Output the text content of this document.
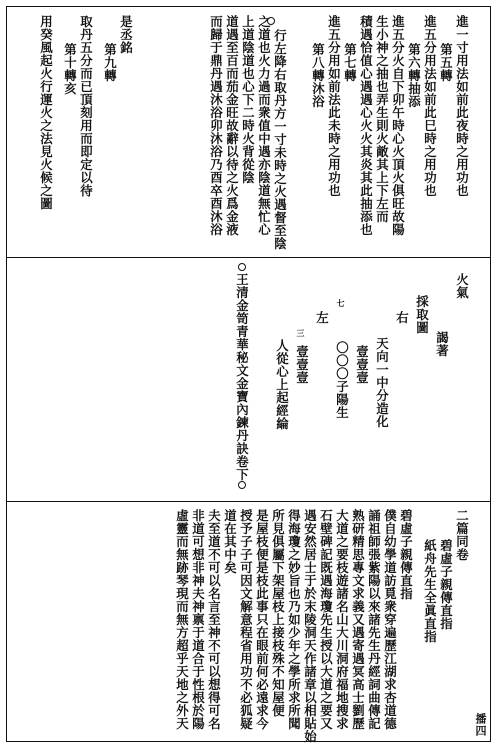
進一寸用法如前此夜時之用功也
第五轉
進五分用法如前此巳時之用功也
第六轉抽添
進五分火自下卯午時心火頂火俱旺故陽
生小神之抽也弄生則火敵其上下左而
積遇恰值心遇遇心火火其炎其此抽添也
第七轉
進五分用如前法此未時之用功也
第八轉沐浴
行左降右取丹方一寸未時之火遇督至陰
之道也火力過而衆值中遇亦陰道無忙心
上道陰道也心下二時火背從陰
道遇至百而茄金旺故辭以待之火爲金液
而歸于鼎丹遇沐浴卯沐浴乃酉卒酉沐浴
是丞銘
第九轉
取丹五分而已頂刻用而即定以待
第十轉亥
用癸風起火行運火之法見火候之圖
火氣
謁著
採取圖
右
天向一中分造化
壹壹壹
七
〇〇〇子陽生
左
三
壹壹壹
人從心上起經綸
王清金笥青華秘文金寶內鍊丹訣卷下
二篇同卷
碧虛子親傳直指
紙舟先生全眞直指
碧虛子親傳直指
僕自幼學道訪覓衆穿遍歷江湖求杏道德
誦祖師張紫陽以來諸先生丹經詞曲傳記
熟研精思專文求義又遇寄遇冥高士劉歷
大道之要枝遊諸名山大川洞府福地搜求
石壁碑記既遇海瓊先生授以大道之要又
遇安然居士于於末陵洞天作諸章以相貼始
得海瓊之妙旨也乃如少年之學所求所聞
所見俱屬下架屋枝上接枝殊不知屋便
是屋枝便是枝此事只在眼前何必遠求今
授予子子可因文解意程省用功不必狐疑
道在其中矣
夫至道不可以名言至神不可以想得可名
非道可想非神夫神禀于道合于性根於陽
虛靈而無跡琴現而無方超乎天地之外天	播四
